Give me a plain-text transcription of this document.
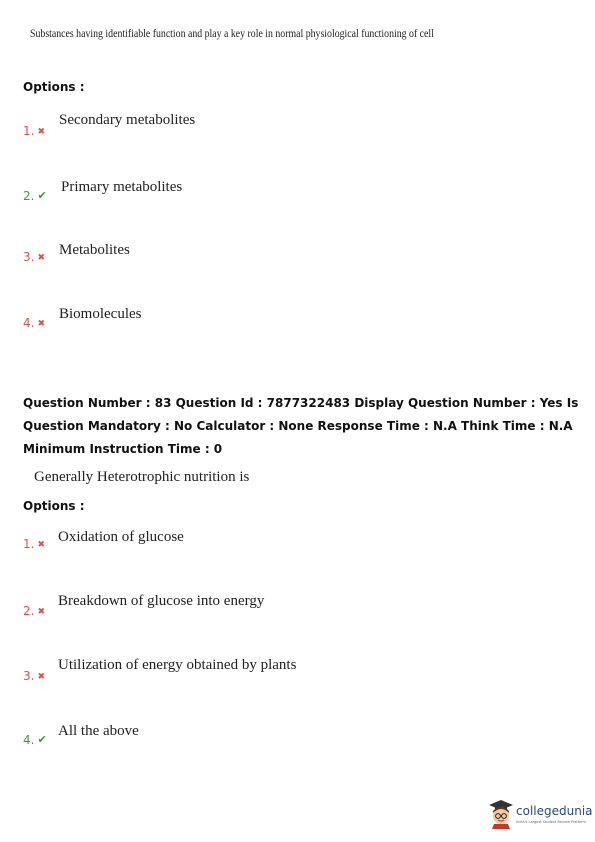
Substances having identifiable function and play a key role in normal physiological functioning of cell
Options :
1. ✖
Secondary metabolites
2. ✔
Primary metabolites
3. ✖ Metabolites
4. ✖
Biomolecules
Question Number : 83 Question Id : 7877322483 Display Question Number : Yes Is Question Mandatory : No Calculator : None Response Time : N.A Think Time : N.A Minimum Instruction Time : 0
Generally Heterotrophic nutrition is
Options :
1. ✖ Oxidation of glucose
2. ✖
Breakdown of glucose into energy
3. ✖
Utilization of energy obtained by plants
4. ✔
All the above
collegedunia
India's Largest Student Review Platform
